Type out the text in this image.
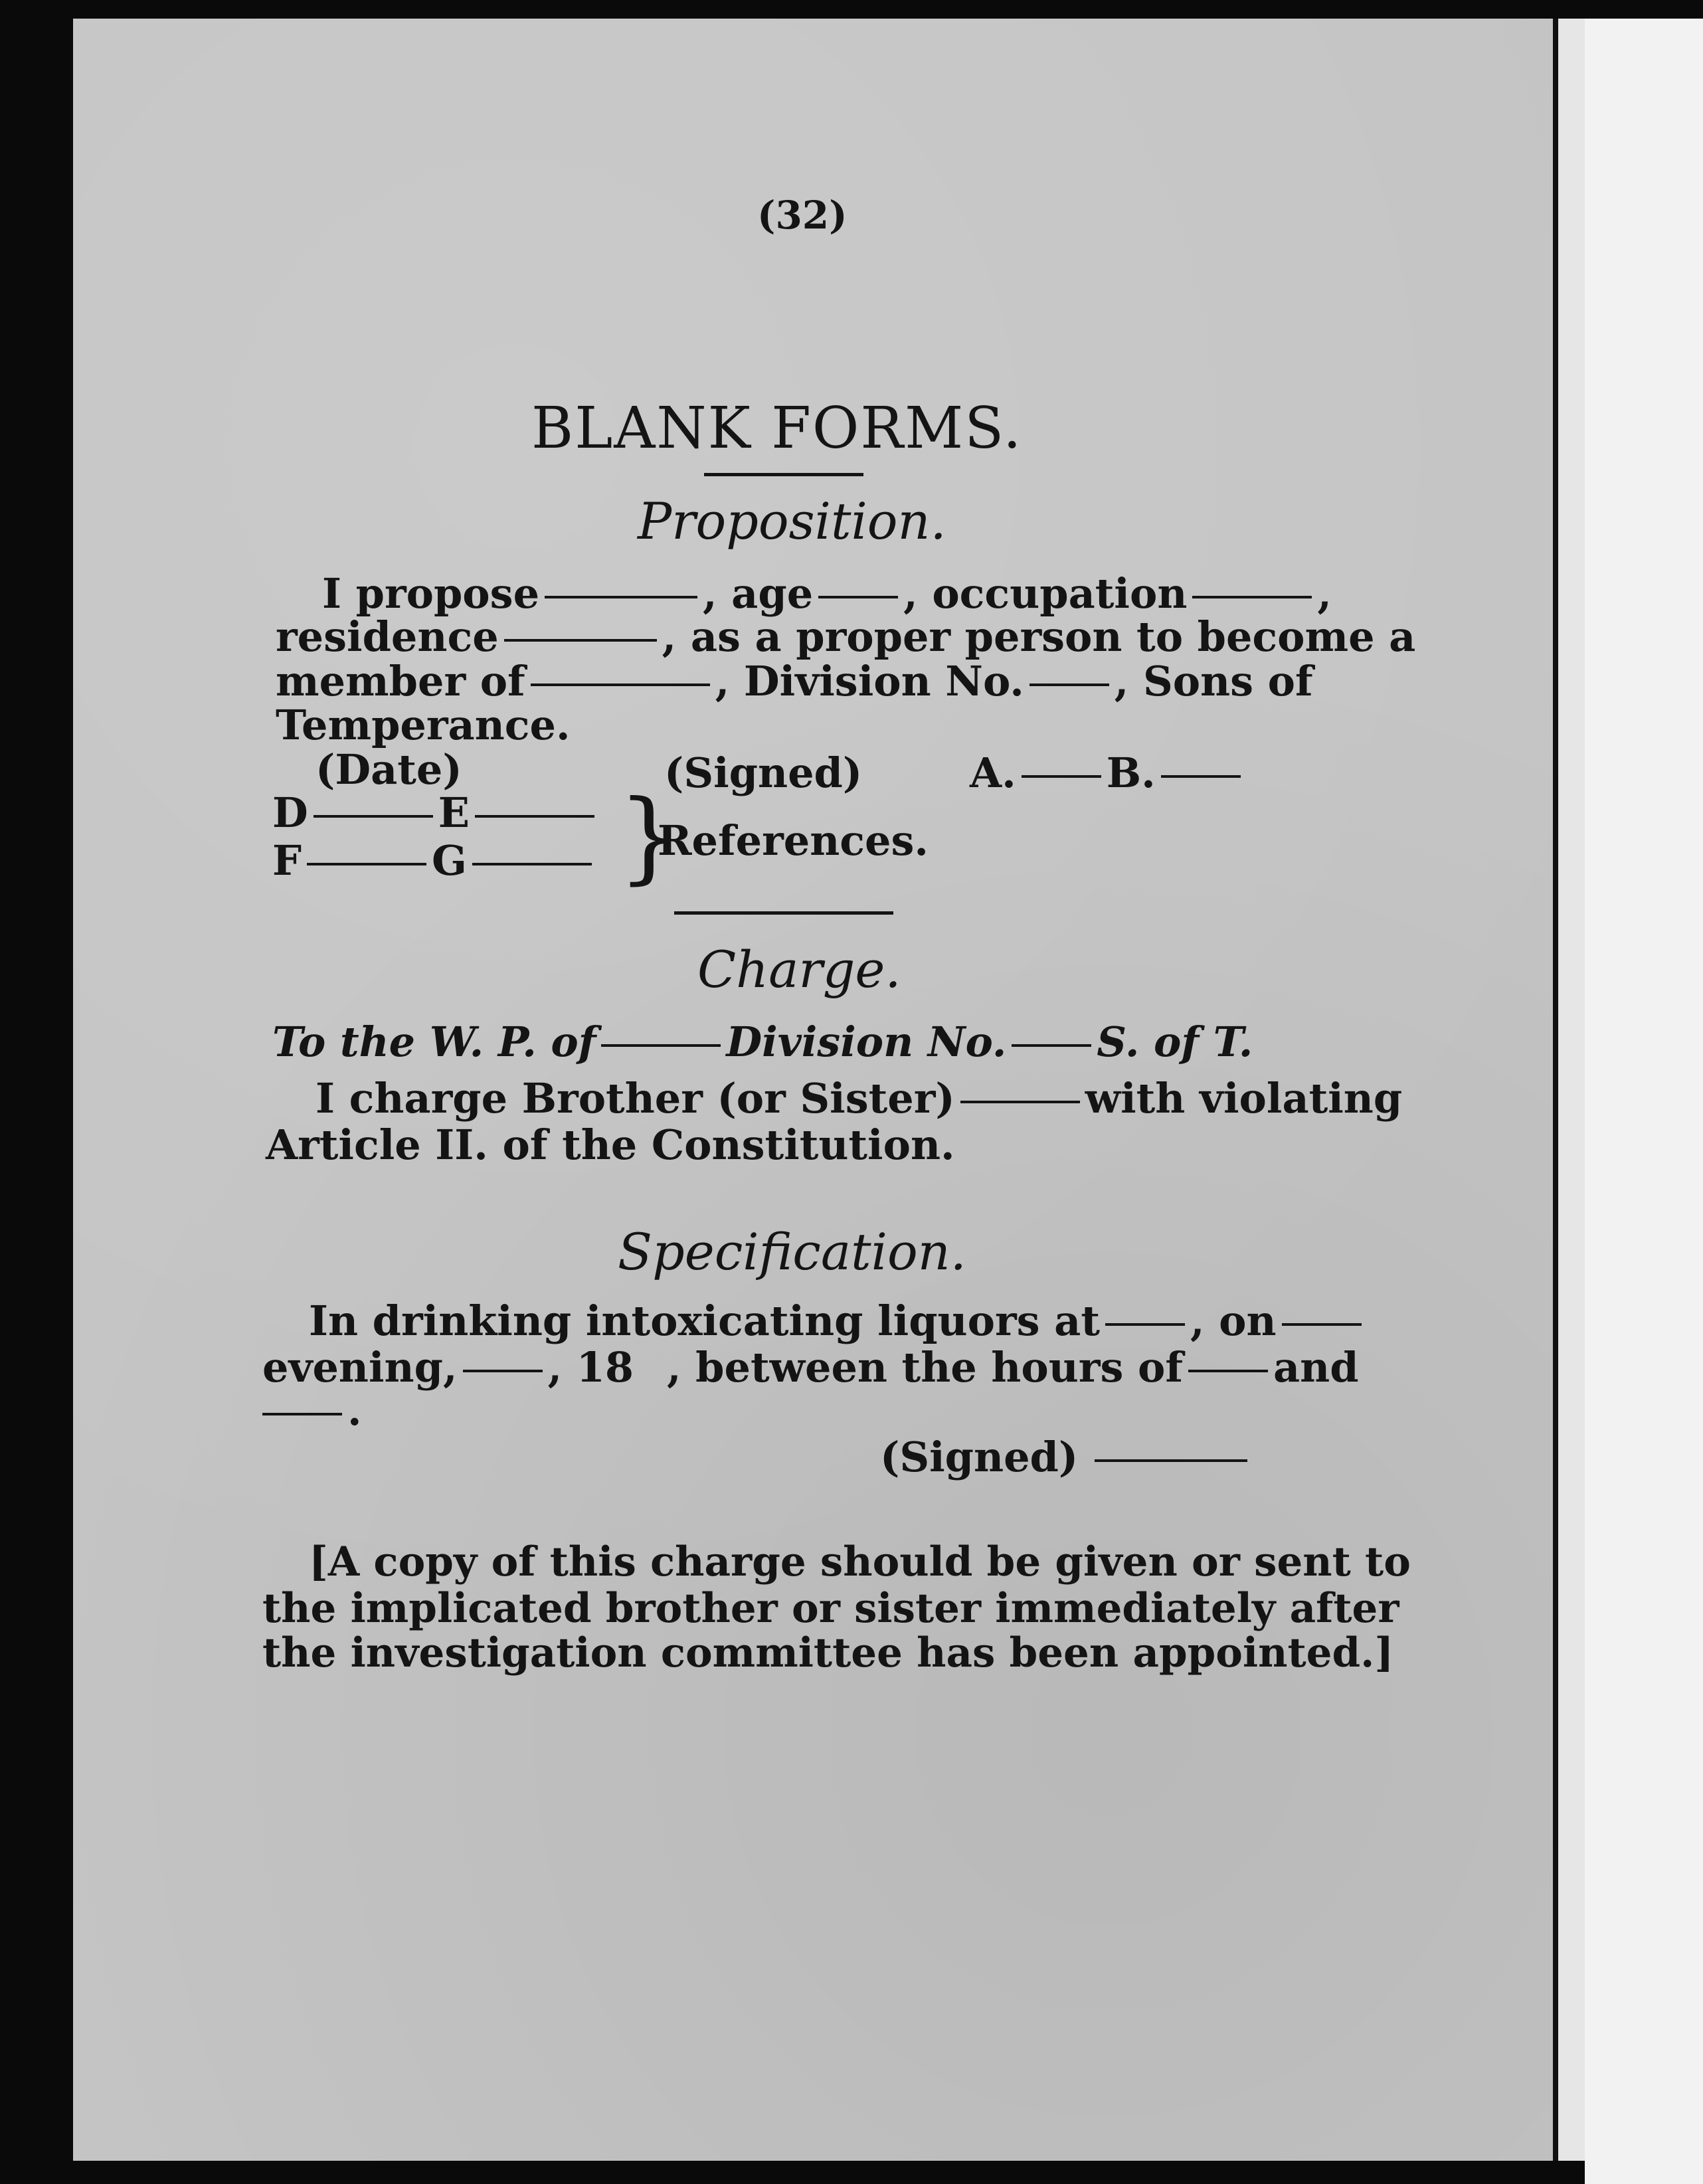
(32)
BLANK FORMS.
Proposition.
I propose	, age , occupation	,
residence	, as a proper person to become a
member of	, Division No. , Sons of
Temperance.
(Date)	(Signed)	A. B.
D	E
F	G	}
References.
Charge.
To the W. P. of	Division No. S. of T.
I charge Brother (or Sister)	with violating
Article II. of the Constitution.
Specification.
In drinking intoxicating liquors at , on
evening, , 18 , between the hours of and
.
(Signed)
[A copy of this charge should be given or sent to
the implicated brother or sister immediately after
the investigation committee has been appointed.]
